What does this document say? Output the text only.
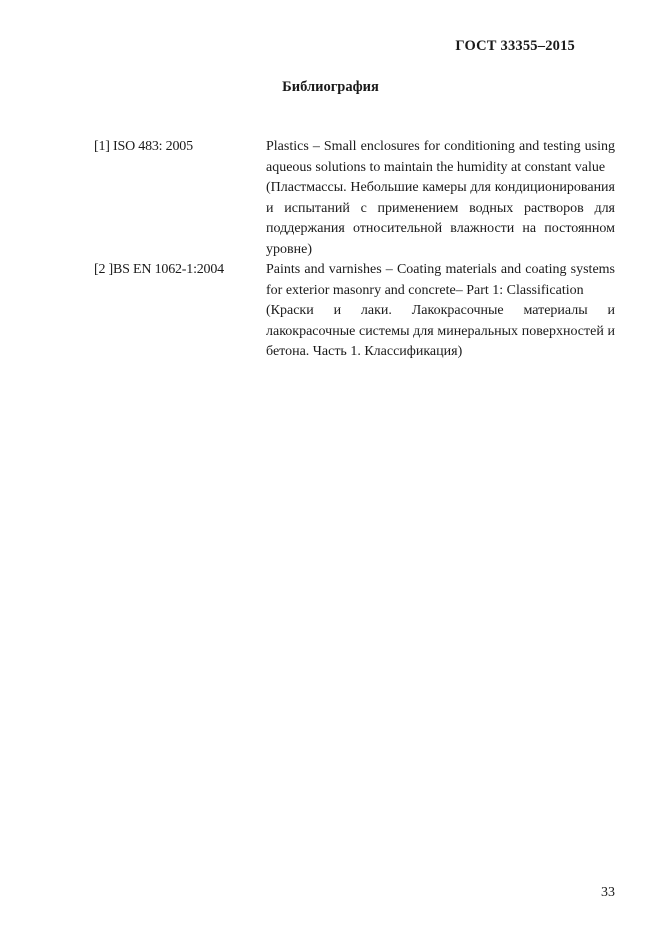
ГОСТ 33355–2015
Библиография
[1] ISO 483: 2005	Plastics – Small enclosures for conditioning and testing using aqueous solutions to maintain the humidity at constant value

(Пластмассы. Небольшие камеры для кондиционирования и испытаний с применением водных растворов для поддержания относительной влажности на постоянном уровне)

[2 ]BS EN 1062-1:2004	Paints and varnishes – Coating materials and coating systems for exterior masonry and concrete– Part 1: Classification

(Краски и лаки. Лакокрасочные материалы и лакокрасочные системы для минеральных поверхностей и бетона. Часть 1. Классификация)

33
